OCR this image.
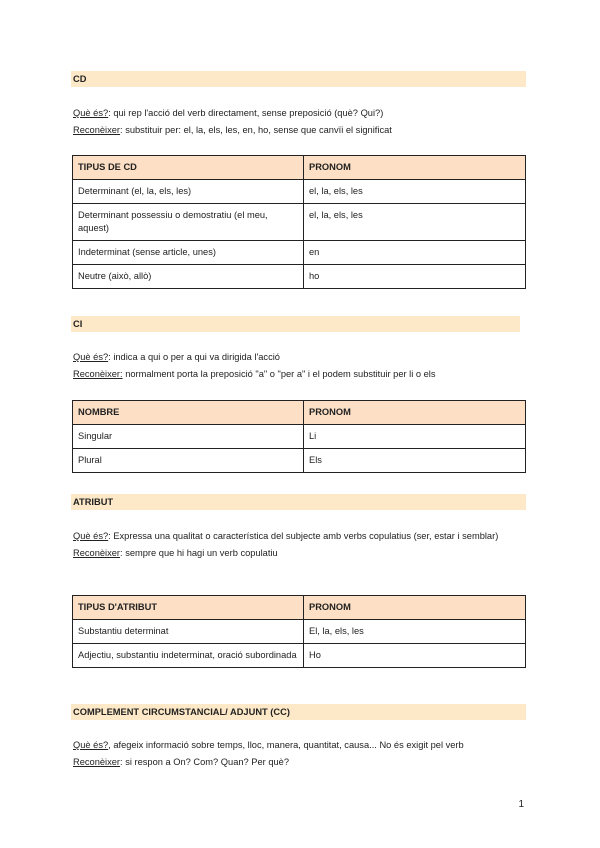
CD
Què és?: qui rep l'acció del verb directament, sense preposició (què? Qui?)
Reconèixer: substituir per: el, la, els, les, en, ho, sense que canvïi el significat
TIPUS DE CD	PRONOM
Determinant (el, la, els, les)	el, la, els, les
Determinant possessiu o demostratiu (el meu, aquest)	el, la, els, les
Indeterminat (sense article, unes)	en
Neutre (això, allò)	ho
CI
Què és?: indica a qui o per a qui va dirigida l'acció
Reconèixer: normalment porta la preposició "a" o "per a" i el podem substituir per li o els
NOMBRE	PRONOM
Singular	Li
Plural	Els
ATRIBUT
Què és?: Expressa una qualitat o característica del subjecte amb verbs copulatius (ser, estar i semblar)
Reconèixer: sempre que hi hagi un verb copulatiu
TIPUS D'ATRIBUT	PRONOM
Substantiu determinat	El, la, els, les
Adjectiu, substantiu indeterminat, oració subordinada	Ho
COMPLEMENT CIRCUMSTANCIAL/ ADJUNT (CC)
Què és?, afegeix informació sobre temps, lloc, manera, quantitat, causa... No és exigit pel verb
Reconèixer: si respon a On? Com? Quan? Per què?
1
